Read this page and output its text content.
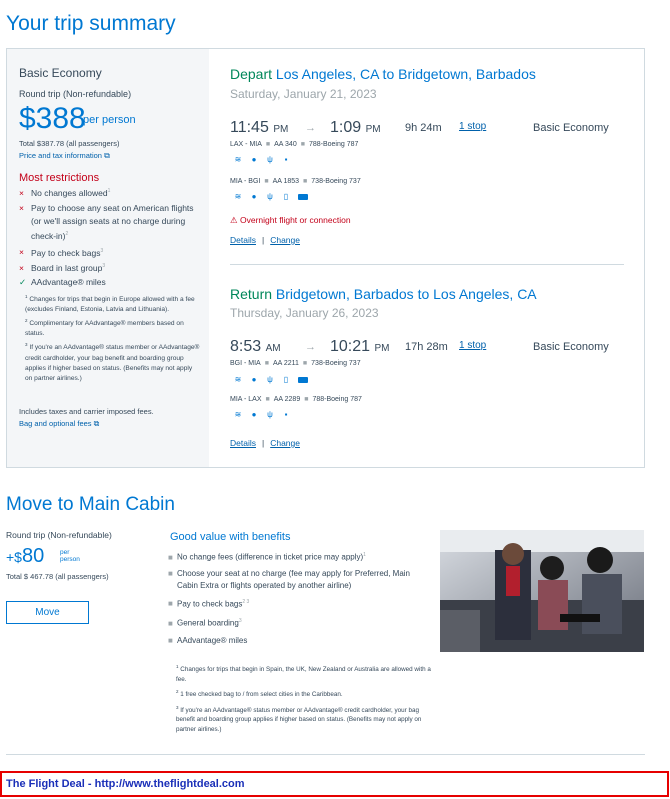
Your trip summary
Basic Economy
Round trip (Non-refundable)
$388
per person
Total $387.78 (all passengers)
Price and tax information ⧉
Most restrictions
× No changes allowed$^1$
× Pay to choose any seat on American flights (or we'll assign seats at no charge during check-in)$^2$
× Pay to check bags$^3$
× Board in last group$^3$
✓ AAdvantage® miles
$^1$ Changes for trips that begin in Europe allowed with a fee (excludes Finland, Estonia, Latvia and Lithuania).
$^2$ Complimentary for AAdvantage® members based on status.
$^3$ If you're an AAdvantage® status member or AAdvantage® credit cardholder, your bag benefit and boarding group applies if higher based on status. (Benefits may not apply on partner airlines.)
Includes taxes and carrier imposed fees.
Bag and optional fees ⧉
Depart Los Angeles, CA to Bridgetown, Barbados
Saturday, January 21, 2023
11:45 PM → 1:09 PM 9h 24m 1 stop	Basic Economy
LAX - MIA ■ AA 340 ■ 788-Boeing 787
≋ ● ψ	▪
MIA - BGI ■ AA 1853 ■ 738-Boeing 737
≋ ● ψ ▯
⚠ Overnight flight or connection
Details | Change
Return Bridgetown, Barbados to Los Angeles, CA
Thursday, January 26, 2023
8:53 AM → 10:21 PM 17h 28m 1 stop	Basic Economy
BGI - MIA ■ AA 2211 ■ 738-Boeing 737
≋ ● ψ ▯
MIA - LAX ■ AA 2289 ■ 788-Boeing 787
≋ ● ψ	▪
Details | Change
Move to Main Cabin
Round trip (Non-refundable)
+$80 per
person
Total $ 467.78 (all passengers)
Move
Good value with benefits
■ No change fees (difference in ticket price may apply)$^1$
■ Choose your seat at no charge (fee may apply for Preferred, Main Cabin Extra or flights operated by another airline)
■ Pay to check bags$^{2 3}$
■ General boarding$^3$
■ AAdvantage® miles
$^1$ Changes for trips that begin in Spain, the UK, New Zealand or Australia are allowed with a fee.
$^2$ 1 free checked bag to / from select cities in the Caribbean.
$^3$ If you're an AAdvantage® status member or AAdvantage® credit cardholder, your bag benefit and boarding group applies if higher based on status. (Benefits may not apply on partner airlines.)
The Flight Deal - http://www.theflightdeal.com
